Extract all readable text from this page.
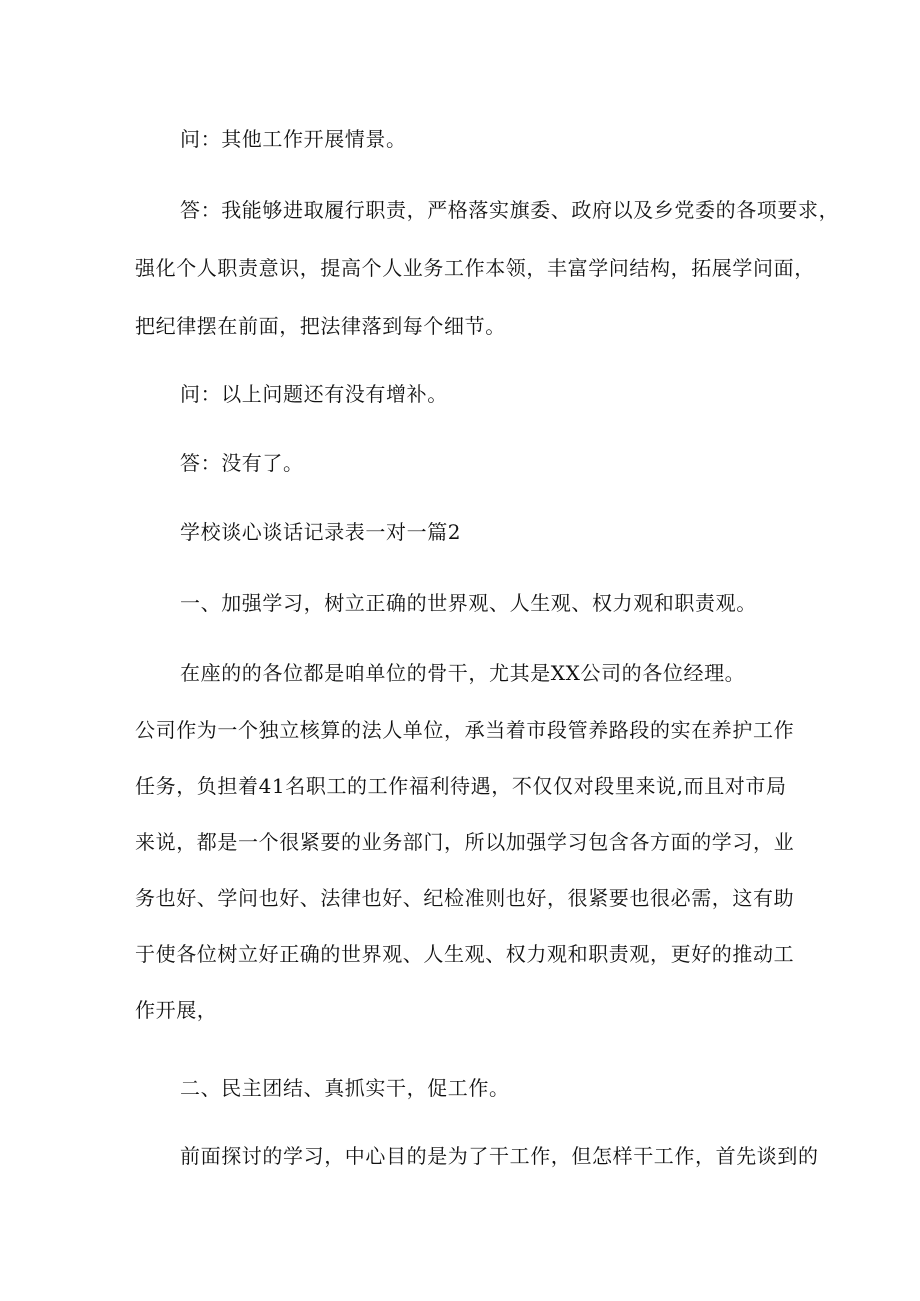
问：其他工作开展情景。

答：我能够进取履行职责，严格落实旗委、政府以及乡党委的各项要求，

强化个人职责意识，提高个人业务工作本领，丰富学问结构，拓展学问面，

把纪律摆在前面，把法律落到每个细节。

问：以上问题还有没有增补。

答：没有了。

学校谈心谈话记录表一对一篇2

一、加强学习，树立正确的世界观、人生观、权力观和职责观。

在座的的各位都是咱单位的骨干，尤其是XX公司的各位经理。

公司作为一个独立核算的法人单位，承当着市段管养路段的实在养护工作

任务，负担着41名职工的工作福利待遇，不仅仅对段里来说,而且对市局

来说，都是一个很紧要的业务部门，所以加强学习包含各方面的学习，业

务也好、学问也好、法律也好、纪检准则也好，很紧要也很必需，这有助

于使各位树立好正确的世界观、人生观、权力观和职责观，更好的推动工

作开展，

二、民主团结、真抓实干，促工作。

前面探讨的学习，中心目的是为了干工作，但怎样干工作，首先谈到的
